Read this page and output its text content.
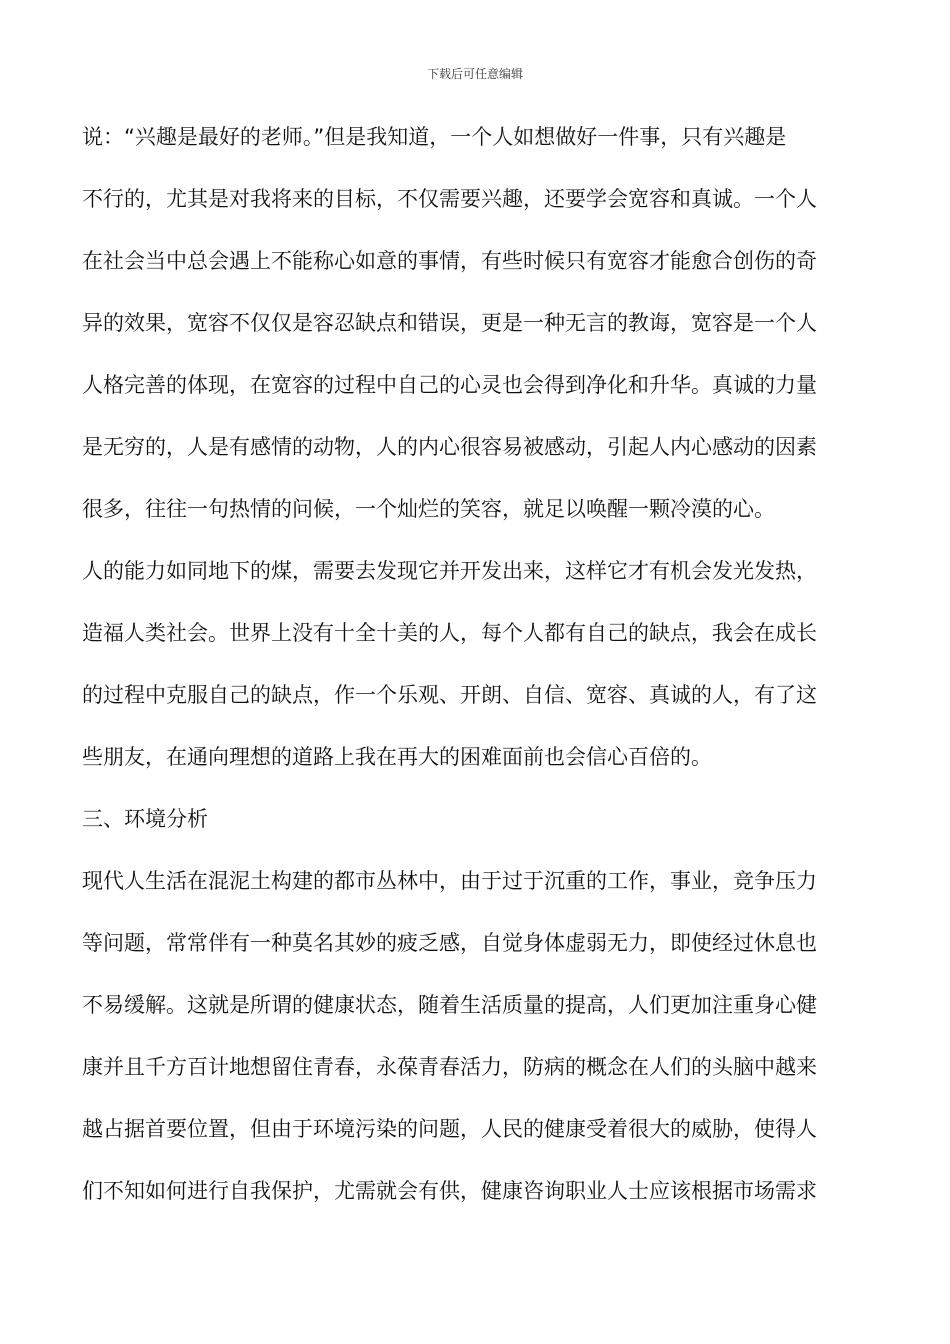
下载后可任意编辑
说：“兴趣是最好的老师。”但是我知道，一个人如想做好一件事，只有兴趣是
不行的，尤其是对我将来的目标，不仅需要兴趣，还要学会宽容和真诚。一个人
在社会当中总会遇上不能称心如意的事情，有些时候只有宽容才能愈合创伤的奇
异的效果，宽容不仅仅是容忍缺点和错误，更是一种无言的教诲，宽容是一个人
人格完善的体现，在宽容的过程中自己的心灵也会得到净化和升华。真诚的力量
是无穷的，人是有感情的动物，人的内心很容易被感动，引起人内心感动的因素
很多，往往一句热情的问候，一个灿烂的笑容，就足以唤醒一颗冷漠的心。
人的能力如同地下的煤，需要去发现它并开发出来，这样它才有机会发光发热，
造福人类社会。世界上没有十全十美的人，每个人都有自己的缺点，我会在成长
的过程中克服自己的缺点，作一个乐观、开朗、自信、宽容、真诚的人，有了这
些朋友，在通向理想的道路上我在再大的困难面前也会信心百倍的。
三、环境分析
现代人生活在混泥土构建的都市丛林中，由于过于沉重的工作，事业，竞争压力
等问题，常常伴有一种莫名其妙的疲乏感，自觉身体虚弱无力，即使经过休息也
不易缓解。这就是所谓的健康状态，随着生活质量的提高，人们更加注重身心健
康并且千方百计地想留住青春，永葆青春活力，防病的概念在人们的头脑中越来
越占据首要位置，但由于环境污染的问题，人民的健康受着很大的威胁，使得人
们不知如何进行自我保护，尤需就会有供，健康咨询职业人士应该根据市场需求
